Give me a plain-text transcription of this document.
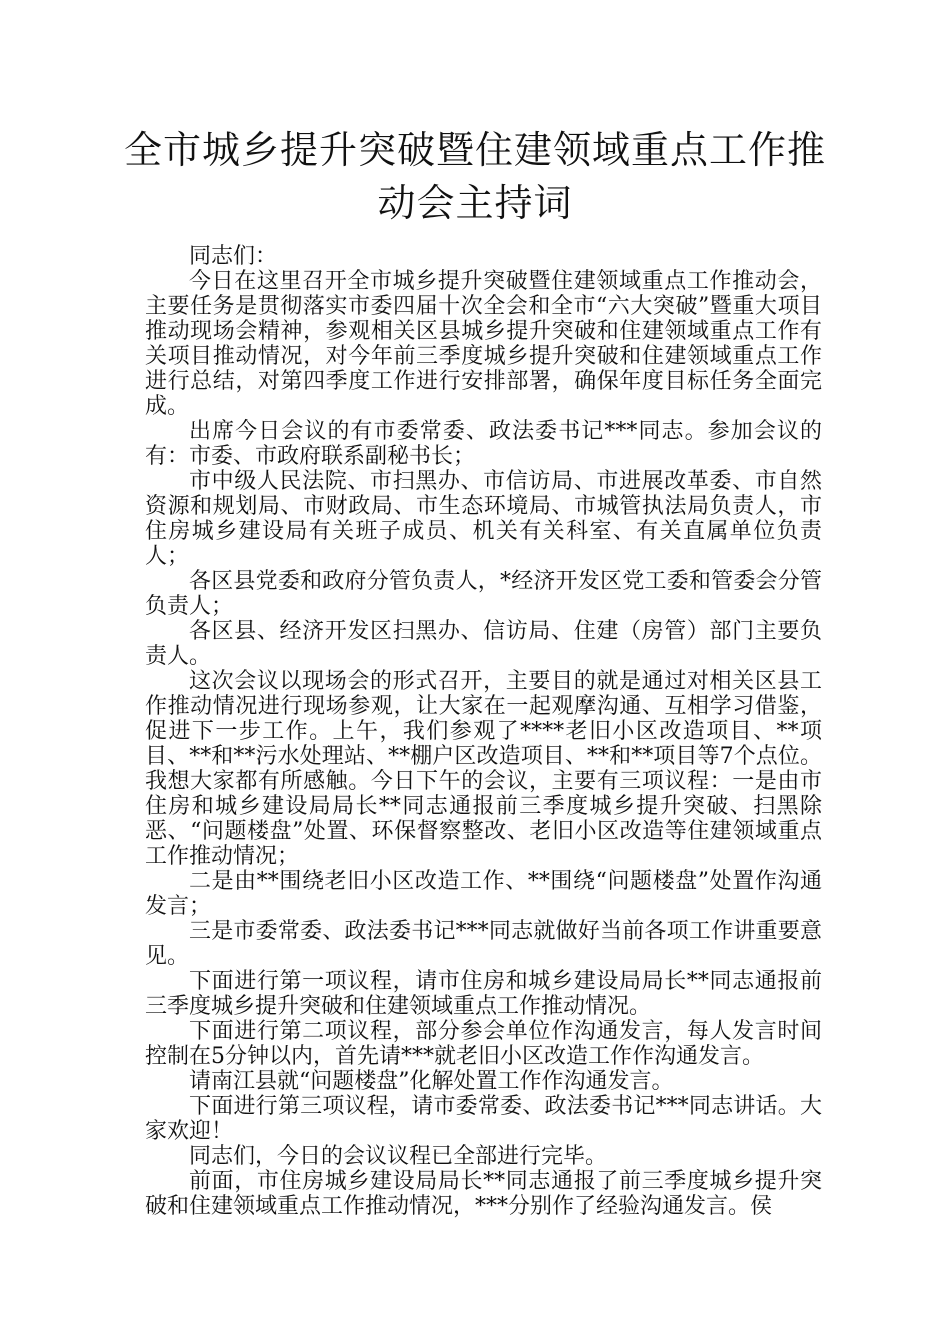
全市城乡提升突破暨住建领域重点工作推
动会主持词

同志们：

今日在这里召开全市城乡提升突破暨住建领域重点工作推动会，主要任务是贯彻落实市委四届十次全会和全市“六大突破”暨重大项目推动现场会精神，参观相关区县城乡提升突破和住建领域重点工作有关项目推动情况，对今年前三季度城乡提升突破和住建领域重点工作进行总结，对第四季度工作进行安排部署，确保年度目标任务全面完成。

出席今日会议的有市委常委、政法委书记***同志。参加会议的有：市委、市政府联系副秘书长；

市中级人民法院、市扫黑办、市信访局、市进展改革委、市自然资源和规划局、市财政局、市生态环境局、市城管执法局负责人，市住房城乡建设局有关班子成员、机关有关科室、有关直属单位负责人；

各区县党委和政府分管负责人，*经济开发区党工委和管委会分管负责人；

各区县、经济开发区扫黑办、信访局、住建（房管）部门主要负责人。

这次会议以现场会的形式召开，主要目的就是通过对相关区县工作推动情况进行现场参观，让大家在一起观摩沟通、互相学习借鉴，促进下一步工作。上午，我们参观了****老旧小区改造项目、**项目、**和**污水处理站、**棚户区改造项目、**和**项目等7个点位。我想大家都有所感触。今日下午的会议，主要有三项议程：一是由市住房和城乡建设局局长**同志通报前三季度城乡提升突破、扫黑除恶、“问题楼盘”处置、环保督察整改、老旧小区改造等住建领域重点工作推动情况；

二是由**围绕老旧小区改造工作、**围绕“问题楼盘”处置作沟通发言；

三是市委常委、政法委书记***同志就做好当前各项工作讲重要意见。

下面进行第一项议程，请市住房和城乡建设局局长**同志通报前三季度城乡提升突破和住建领域重点工作推动情况。

下面进行第二项议程，部分参会单位作沟通发言，每人发言时间控制在5分钟以内，首先请***就老旧小区改造工作作沟通发言。

请南江县就“问题楼盘”化解处置工作作沟通发言。

下面进行第三项议程，请市委常委、政法委书记***同志讲话。大家欢迎！

同志们，今日的会议议程已全部进行完毕。

前面，市住房城乡建设局局长**同志通报了前三季度城乡提升突破和住建领域重点工作推动情况，***分别作了经验沟通发言。侯
